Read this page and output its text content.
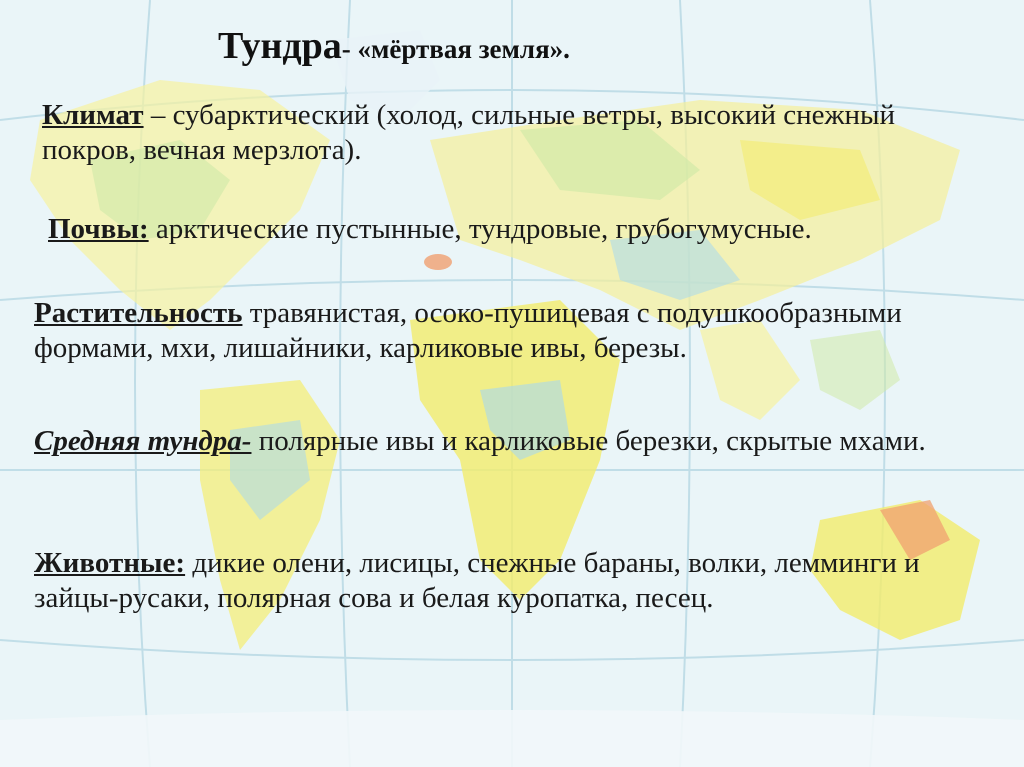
Тундра- «мёртвая земля».

Климат – субарктический (холод, сильные ветры, высокий снежный покров, вечная мерзлота).

Почвы: арктические пустынные, тундровые, грубогумусные.

Растительность травянистая, осоко-пушицевая с подушкообразными формами, мхи, лишайники, карликовые ивы, березы.

Средняя тундра- полярные ивы и карликовые березки, скрытые мхами.

Животные: дикие олени, лисицы, снежные бараны, волки, лемминги и зайцы-русаки, полярная сова и белая куропатка, песец.
